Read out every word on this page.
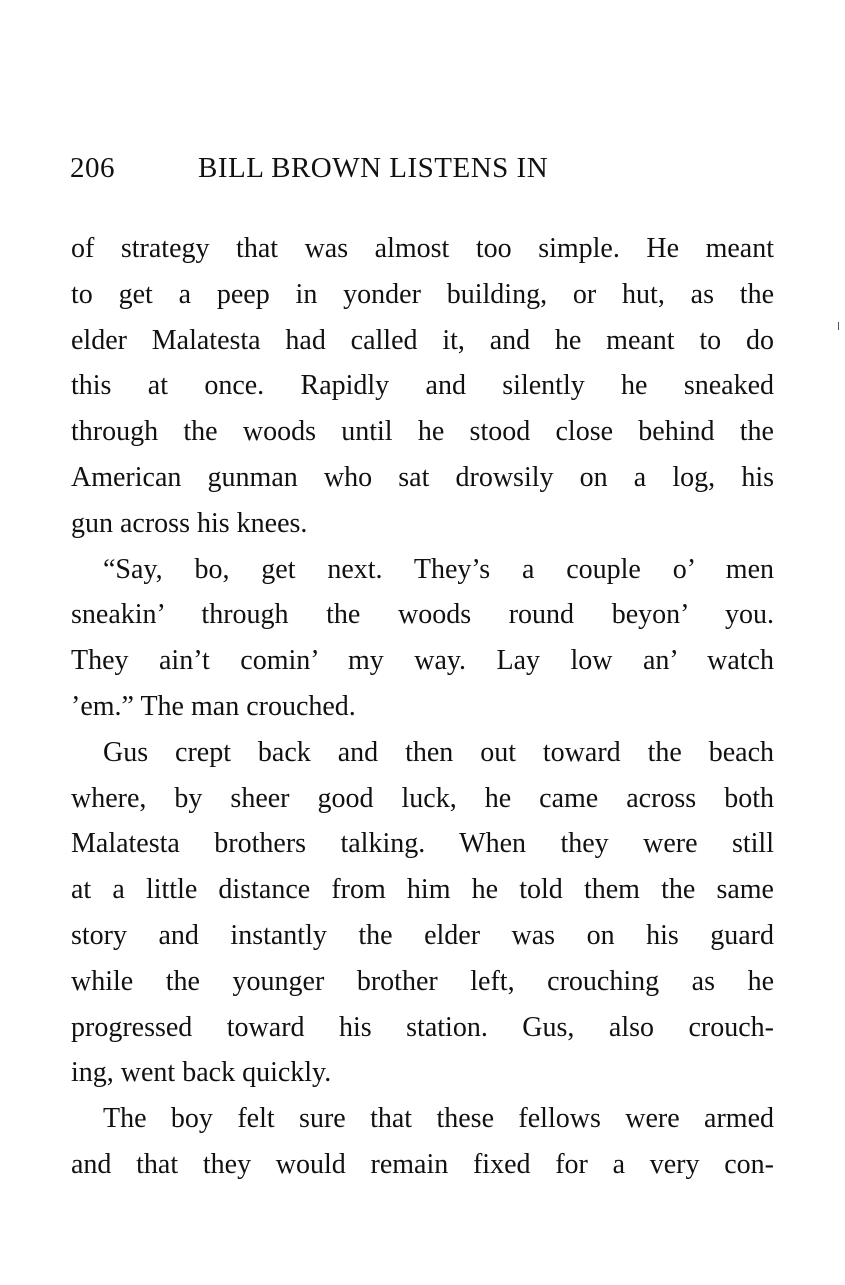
206	BILL BROWN LISTENS IN
of strategy that was almost too simple. He meant
to get a peep in yonder building, or hut, as the
elder Malatesta had called it, and he meant to do
this at once. Rapidly and silently he sneaked
through the woods until he stood close behind the
American gunman who sat drowsily on a log, his
gun across his knees.
“Say, bo, get next. They’s a couple o’ men
sneakin’ through the woods round beyon’ you.
They ain’t comin’ my way. Lay low an’ watch
’em.” The man crouched.
Gus crept back and then out toward the beach
where, by sheer good luck, he came across both
Malatesta brothers talking. When they were still
at a little distance from him he told them the same
story and instantly the elder was on his guard
while the younger brother left, crouching as he
progressed toward his station. Gus, also crouch-
ing, went back quickly.
The boy felt sure that these fellows were armed
and that they would remain fixed for a very con-
